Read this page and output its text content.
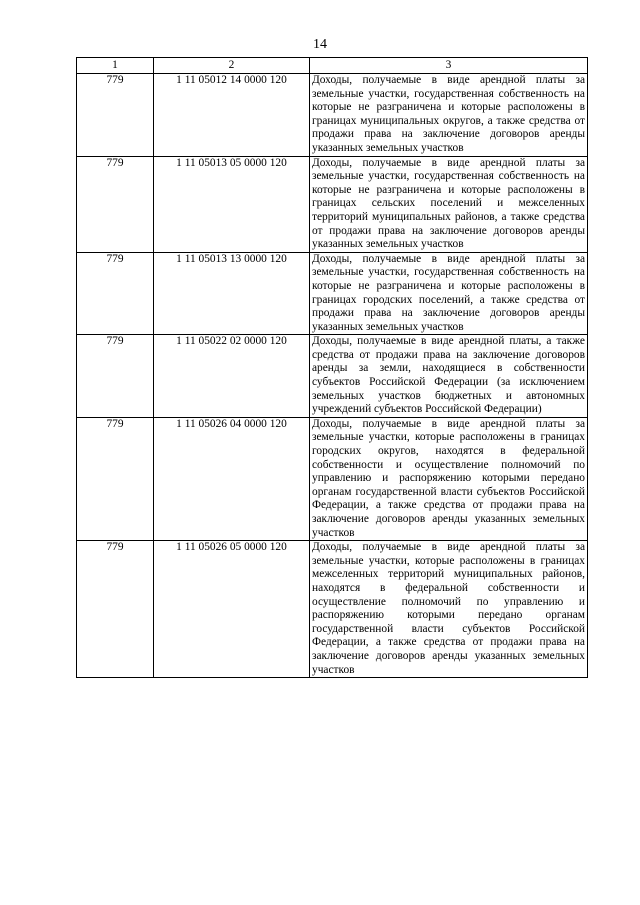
14
1	2	3
779	1 11 05012 14 0000 120	Доходы, получаемые в виде арендной платы за земельные участки, государственная собственность на которые не разграничена и которые расположены в границах муниципальных округов, а также средства от продажи права на заключение договоров аренды указанных земельных участков
779	1 11 05013 05 0000 120	Доходы, получаемые в виде арендной платы за земельные участки, государственная собственность на которые не разграничена и которые расположены в границах сельских поселений и межселенных территорий муниципальных районов, а также средства от продажи права на заключение договоров аренды указанных земельных участков
779	1 11 05013 13 0000 120	Доходы, получаемые в виде арендной платы за земельные участки, государственная собственность на которые не разграничена и которые расположены в границах городских поселений, а также средства от продажи права на заключение договоров аренды указанных земельных участков
779	1 11 05022 02 0000 120	Доходы, получаемые в виде арендной платы, а также средства от продажи права на заключение договоров аренды за земли, находящиеся в собственности субъектов Российской Федерации (за исключением земельных участков бюджетных и автономных учреждений субъектов Российской Федерации)
779	1 11 05026 04 0000 120	Доходы, получаемые в виде арендной платы за земельные участки, которые расположены в границах городских округов, находятся в федеральной собственности и осуществление полномочий по управлению и распоряжению которыми передано органам государственной власти субъектов Российской Федерации, а также средства от продажи права на заключение договоров аренды указанных земельных участков
779	1 11 05026 05 0000 120	Доходы, получаемые в виде арендной платы за земельные участки, которые расположены в границах межселенных территорий муниципальных районов, находятся в федеральной собственности и осуществление полномочий по управлению и распоряжению которыми передано органам государственной власти субъектов Российской Федерации, а также средства от продажи права на заключение договоров аренды указанных земельных участков
